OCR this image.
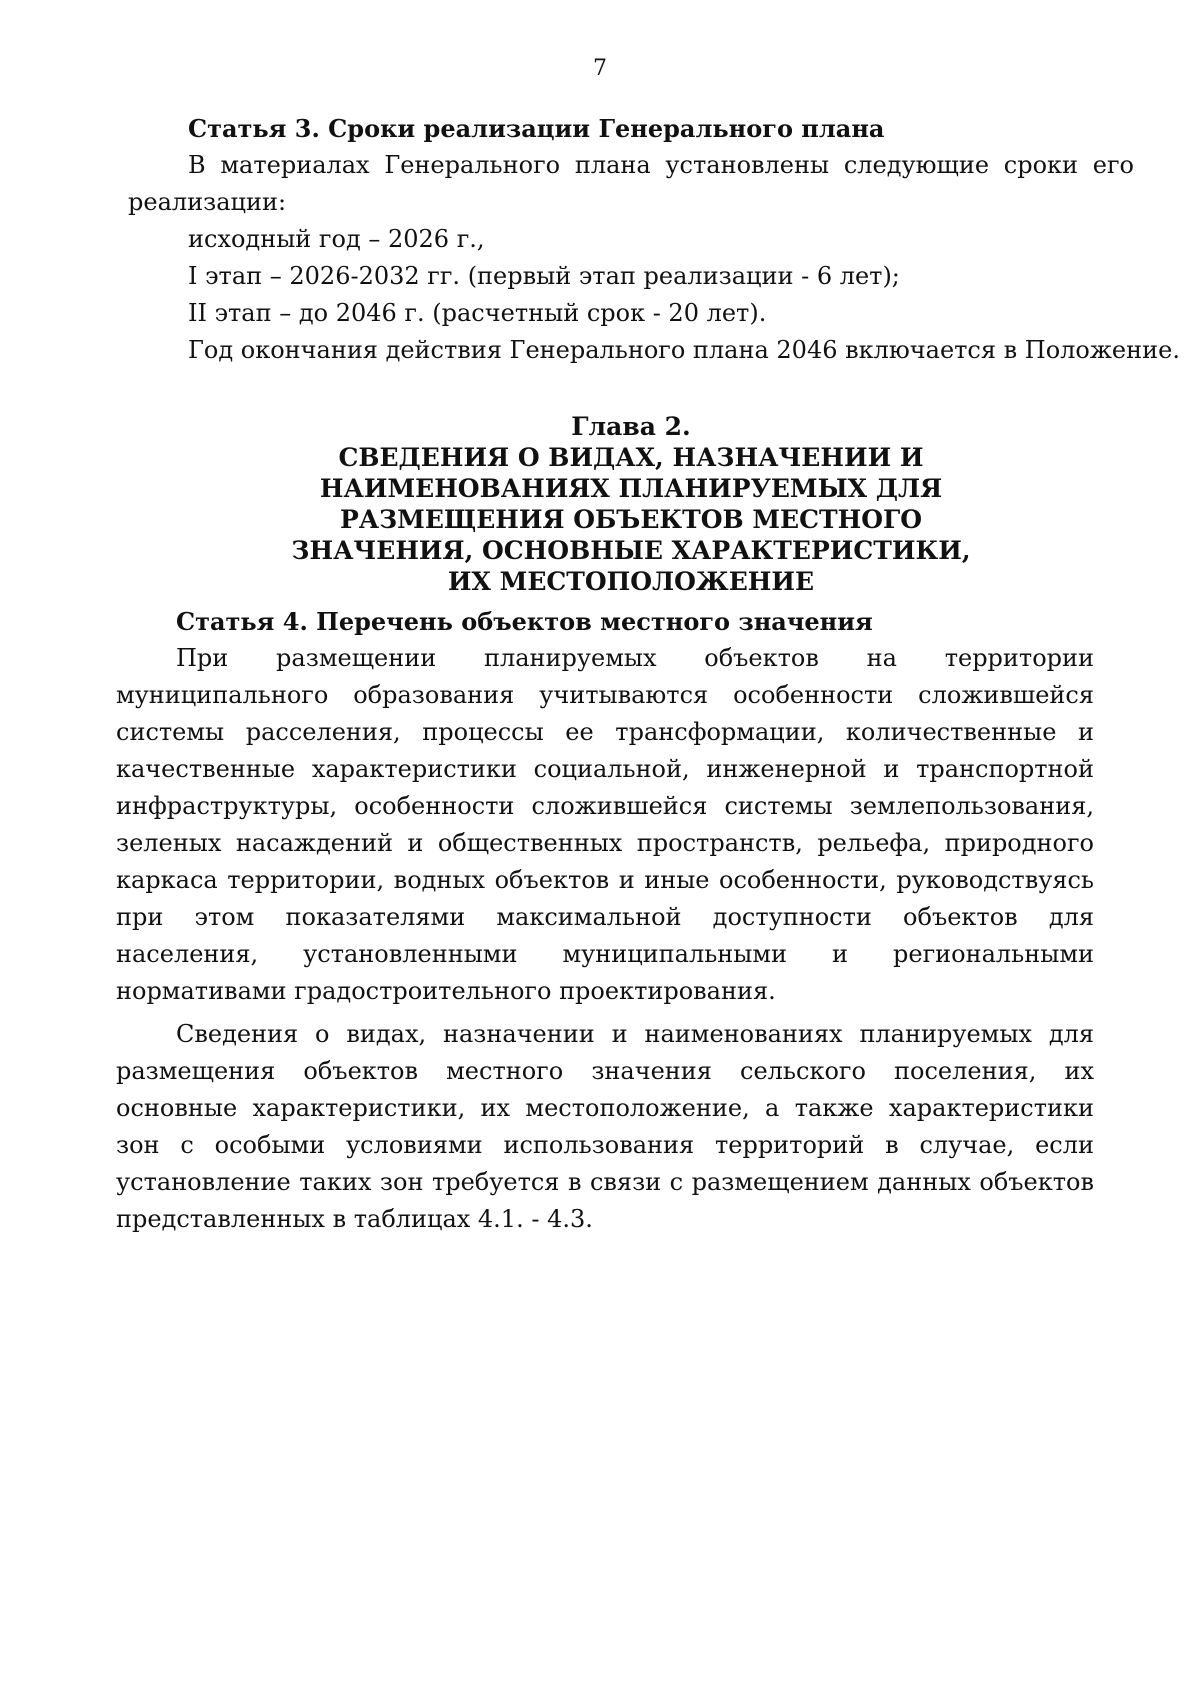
7
Статья 3. Сроки реализации Генерального плана

В материалах Генерального плана установлены следующие сроки его реализации:

исходный год – 2026 г.,
I этап – 2026-2032 гг. (первый этап реализации - 6 лет);
II этап – до 2046 г. (расчетный срок - 20 лет).
Год окончания действия Генерального плана 2046 включается в Положение.
Глава 2.
СВЕДЕНИЯ О ВИДАХ, НАЗНАЧЕНИИ И НАИМЕНОВАНИЯХ ПЛАНИРУЕМЫХ ДЛЯ РАЗМЕЩЕНИЯ ОБЪЕКТОВ МЕСТНОГО ЗНАЧЕНИЯ, ОСНОВНЫЕ ХАРАКТЕРИСТИКИ, ИХ МЕСТОПОЛОЖЕНИЕ
Статья 4. Перечень объектов местного значения

При размещении планируемых объектов на территории муниципального образования учитываются особенности сложившейся системы расселения, процессы ее трансформации, количественные и качественные характеристики социальной, инженерной и транспортной инфраструктуры, особенности сложившейся системы землепользования, зеленых насаждений и общественных пространств, рельефа, природного каркаса территории, водных объектов и иные особенности, руководствуясь при этом показателями максимальной доступности объектов для населения, установленными муниципальными и региональными нормативами градостроительного проектирования.

Сведения о видах, назначении и наименованиях планируемых для размещения объектов местного значения сельского поселения, их основные характеристики, их местоположение, а также характеристики зон с особыми условиями использования территорий в случае, если установление таких зон требуется в связи с размещением данных объектов представленных в таблицах 4.1. - 4.3.
